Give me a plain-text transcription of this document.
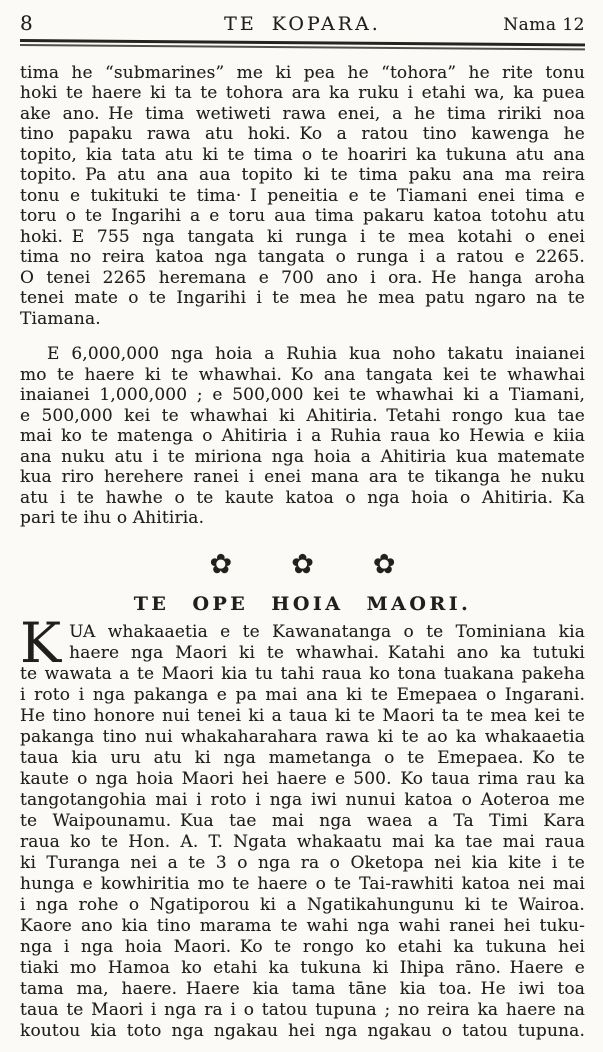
8	TE KOPARA.	Nama 12
tima he “submarines” me ki pea he “tohora” he rite tonu
hoki te haere ki ta te tohora ara ka ruku i etahi wa, ka puea
ake ano. He tima wetiweti rawa enei, a he tima ririki noa
tino papaku rawa atu hoki. Ko a ratou tino kawenga he
topito, kia tata atu ki te tima o te hoariri ka tukuna atu ana
topito. Pa atu ana aua topito ki te tima paku ana ma reira
tonu e tukituki te tima· I peneitia e te Tiamani enei tima e
toru o te Ingarihi a e toru aua tima pakaru katoa totohu atu
hoki. E 755 nga tangata ki runga i te mea kotahi o enei
tima no reira katoa nga tangata o runga i a ratou e 2265.
O tenei 2265 heremana e 700 ano i ora. He hanga aroha
tenei mate o te Ingarihi i te mea he mea patu ngaro na te
Tiamana.
E 6,000,000 nga hoia a Ruhia kua noho takatu inaianei
mo te haere ki te whawhai. Ko ana tangata kei te whawhai
inaianei 1,000,000 ; e 500,000 kei te whawhai ki a Tiamani,
e 500,000 kei te whawhai ki Ahitiria. Tetahi rongo kua tae
mai ko te matenga o Ahitiria i a Ruhia raua ko Hewia e kiia
ana nuku atu i te miriona nga hoia a Ahitiria kua matemate
kua riro herehere ranei i enei mana ara te tikanga he nuku
atu i te hawhe o te kaute katoa o nga hoia o Ahitiria. Ka
pari te ihu o Ahitiria.
✿ ✿ ✿
TE OPE HOIA MAORI.
K UA whakaaetia e te Kawanatanga o te Tominiana kia
haere nga Maori ki te whawhai. Katahi ano ka tutuki
te wawata a te Maori kia tu tahi raua ko tona tuakana pakeha
i roto i nga pakanga e pa mai ana ki te Emepaea o Ingarani.
He tino honore nui tenei ki a taua ki te Maori ta te mea kei te
pakanga tino nui whakaharahara rawa ki te ao ka whakaaetia
taua kia uru atu ki nga mametanga o te Emepaea. Ko te
kaute o nga hoia Maori hei haere e 500. Ko taua rima rau ka
tangotangohia mai i roto i nga iwi nunui katoa o Aoteroa me
te Waipounamu. Kua tae mai nga waea a Ta Timi Kara
raua ko te Hon. A. T. Ngata whakaatu mai ka tae mai raua
ki Turanga nei a te 3 o nga ra o Oketopa nei kia kite i te
hunga e kowhiritia mo te haere o te Tai-rawhiti katoa nei mai
i nga rohe o Ngatiporou ki a Ngatikahungunu ki te Wairoa.
Kaore ano kia tino marama te wahi nga wahi ranei hei tuku-
nga i nga hoia Maori. Ko te rongo ko etahi ka tukuna hei
tiaki mo Hamoa ko etahi ka tukuna ki Ihipa rāno. Haere e
tama ma, haere. Haere kia tama tāne kia toa. He iwi toa
taua te Maori i nga ra i o tatou tupuna ; no reira ka haere na
koutou kia toto nga ngakau hei nga ngakau o tatou tupuna.
